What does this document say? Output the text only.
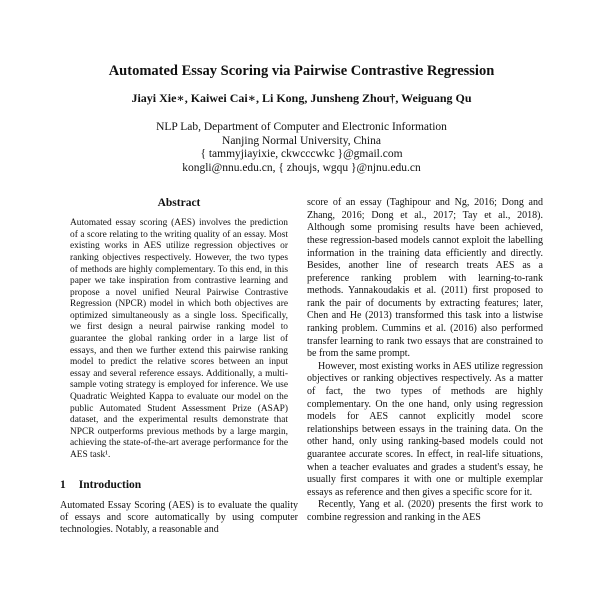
Automated Essay Scoring via Pairwise Contrastive Regression
Jiayi Xie∗, Kaiwei Cai∗, Li Kong, Junsheng Zhou†, Weiguang Qu
NLP Lab, Department of Computer and Electronic Information
Nanjing Normal University, China
{ tammyjiayixie, ckwcccwkc }@gmail.com
kongli@nnu.edu.cn, { zhoujs, wgqu }@njnu.edu.cn
Abstract
Automated essay scoring (AES) involves the prediction of a score relating to the writing quality of an essay. Most existing works in AES utilize regression objectives or ranking objectives respectively. However, the two types of methods are highly complementary. To this end, in this paper we take inspiration from contrastive learning and propose a novel unified Neural Pairwise Contrastive Regression (NPCR) model in which both objectives are optimized simultaneously as a single loss. Specifically, we first design a neural pairwise ranking model to guarantee the global ranking order in a large list of essays, and then we further extend this pairwise ranking model to predict the relative scores between an input essay and several reference essays. Additionally, a multi-sample voting strategy is employed for inference. We use Quadratic Weighted Kappa to evaluate our model on the public Automated Student Assessment Prize (ASAP) dataset, and the experimental results demonstrate that NPCR outperforms previous methods by a large margin, achieving the state-of-the-art average performance for the AES task¹.
1 Introduction
Automated Essay Scoring (AES) is to evaluate the quality of essays and score automatically by using computer technologies. Notably, a reasonable and
score of an essay (Taghipour and Ng, 2016; Dong and Zhang, 2016; Dong et al., 2017; Tay et al., 2018). Although some promising results have been achieved, these regression-based models cannot exploit the labelling information in the training data efficiently and directly. Besides, another line of research treats AES as a preference ranking problem with learning-to-rank methods. Yannakoudakis et al. (2011) first proposed to rank the pair of documents by extracting features; later, Chen and He (2013) transformed this task into a listwise ranking problem. Cummins et al. (2016) also performed transfer learning to rank two essays that are constrained to be from the same prompt.
However, most existing works in AES utilize regression objectives or ranking objectives respectively. As a matter of fact, the two types of methods are highly complementary. On the one hand, only using regression models for AES cannot explicitly model score relationships between essays in the training data. On the other hand, only using ranking-based models could not guarantee accurate scores. In effect, in real-life situations, when a teacher evaluates and grades a student's essay, he usually first compares it with one or multiple exemplar essays as reference and then gives a specific score for it.
Recently, Yang et al. (2020) presents the first work to combine regression and ranking in the AES
